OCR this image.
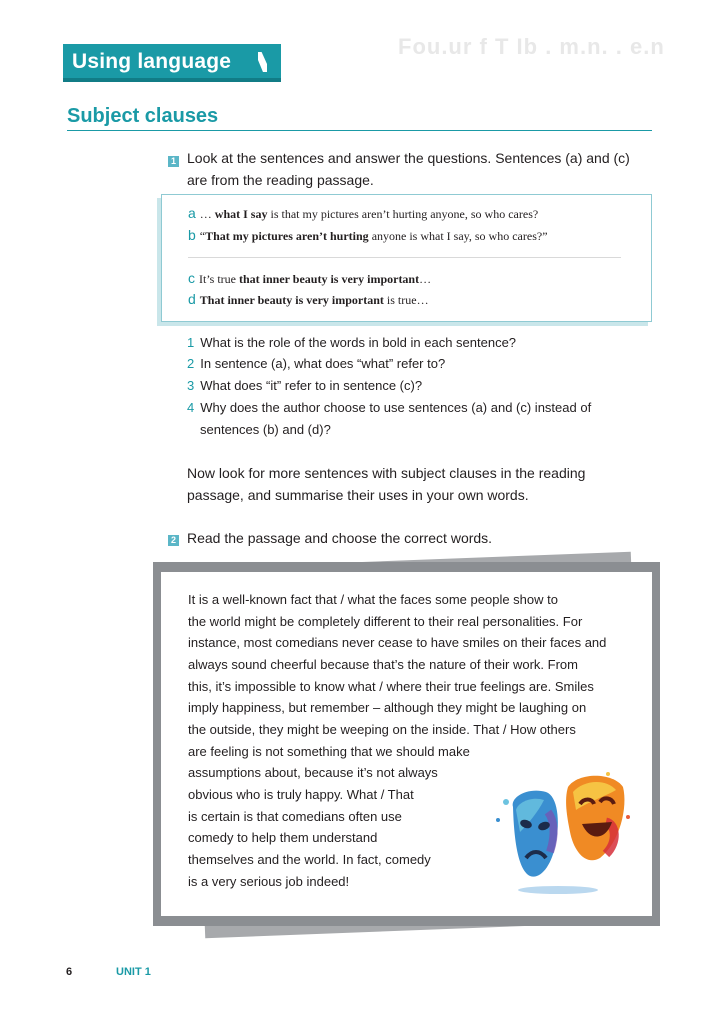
Using language
Fou.ur f T Ib . m.n. . e.n
Subject clauses
1 Look at the sentences and answer the questions. Sentences (a) and (c)
are from the reading passage.
a … what I say is that my pictures aren’t hurting anyone, so who cares?
b “That my pictures aren’t hurting anyone is what I say, so who cares?”
c It’s true that inner beauty is very important…
d That inner beauty is very important is true…
1 What is the role of the words in bold in each sentence?
2 In sentence (a), what does “what” refer to?
3 What does “it” refer to in sentence (c)?
4 Why does the author choose to use sentences (a) and (c) instead of
sentences (b) and (d)?
Now look for more sentences with subject clauses in the reading
passage, and summarise their uses in your own words.
2 Read the passage and choose the correct words.
It is a well-known fact that / what the faces some people show to
the world might be completely different to their real personalities. For
instance, most comedians never cease to have smiles on their faces and
always sound cheerful because that’s the nature of their work. From
this, it’s impossible to know what / where their true feelings are. Smiles
imply happiness, but remember – although they might be laughing on
the outside, they might be weeping on the inside. That / How others
are feeling is not something that we should make
assumptions about, because it’s not always
obvious who is truly happy. What / That
is certain is that comedians often use
comedy to help them understand
themselves and the world. In fact, comedy
is a very serious job indeed!
6	UNIT 1
